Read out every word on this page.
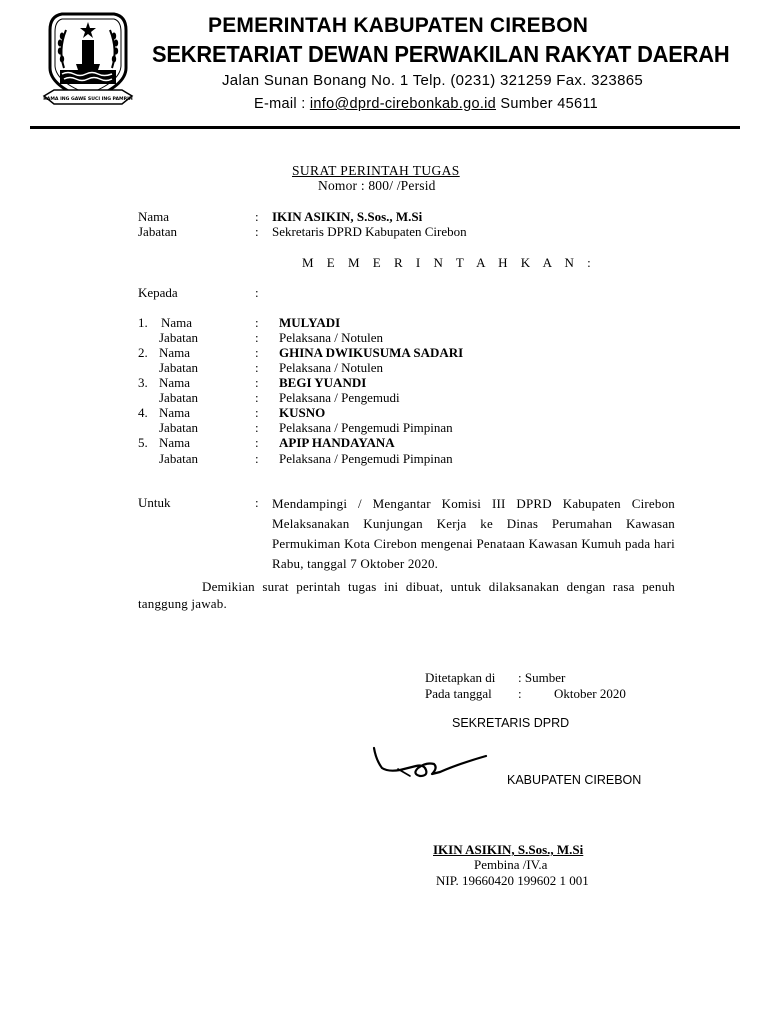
RAMA ING GAWE SUCI ING PAMRIH
PEMERINTAH KABUPATEN CIREBON
SEKRETARIAT DEWAN PERWAKILAN RAKYAT DAERAH
Jalan Sunan Bonang No. 1 Telp. (0231) 321259 Fax. 323865
E-mail : info@dprd-cirebonkab.go.id Sumber 45611
SURAT PERINTAH TUGAS
Nomor : 800/ /Persid
Nama	: IKIN ASIKIN, S.Sos., M.Si
Jabatan	: Sekretaris DPRD Kabupaten Cirebon
M E M E R I N T A H K A N :
Kepada	:
1. Nama	: MULYADI
Jabatan	: Pelaksana / Notulen
2. Nama	: GHINA DWIKUSUMA SADARI
Jabatan	: Pelaksana / Notulen
3. Nama	: BEGI YUANDI
Jabatan	: Pelaksana / Pengemudi
4. Nama	: KUSNO
Jabatan	: Pelaksana / Pengemudi Pimpinan
5. Nama	: APIP HANDAYANA
Jabatan	: Pelaksana / Pengemudi Pimpinan
Untuk	: Mendampingi / Mengantar Komisi III DPRD Kabupaten Cirebon Melaksanakan Kunjungan Kerja ke Dinas Perumahan Kawasan Permukiman Kota Cirebon mengenai Penataan Kawasan Kumuh pada hari Rabu, tanggal 7 Oktober 2020.
Demikian surat perintah tugas ini dibuat, untuk dilaksanakan dengan rasa penuh tanggung jawab.
Ditetapkan di : Sumber
Pada tanggal : Oktober 2020
SEKRETARIS DPRD
KABUPATEN CIREBON
IKIN ASIKIN, S.Sos., M.Si
Pembina /IV.a
NIP. 19660420 199602 1 001
